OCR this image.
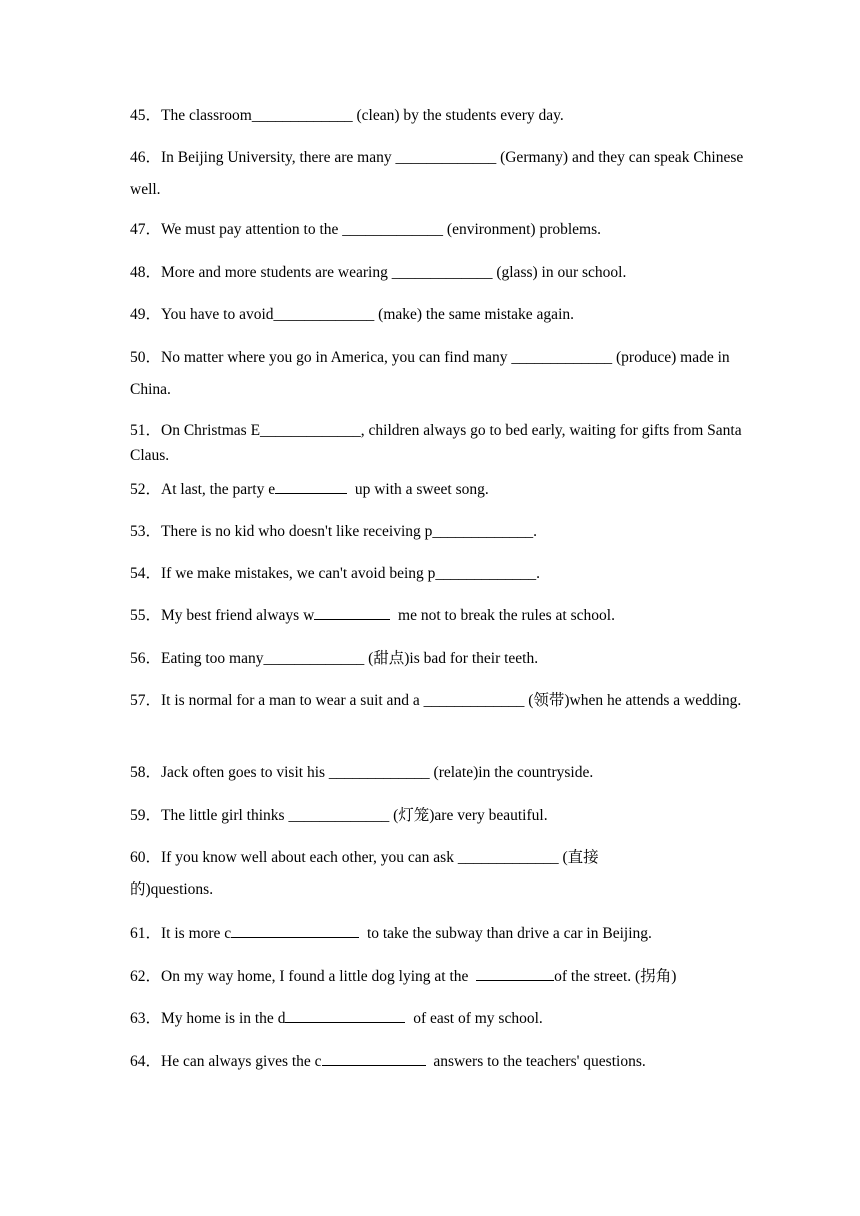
45．The classroom_____________ (clean) by the students every day.
46．In Beijing University, there are many _____________ (Germany) and they can speak Chinese well.
47．We must pay attention to the _____________ (environment) problems.
48．More and more students are wearing _____________ (glass) in our school.
49．You have to avoid_____________ (make) the same mistake again.
50．No matter where you go in America, you can find many _____________ (produce) made in China.
51．On Christmas E_____________, children always go to bed early, waiting for gifts from Santa Claus.
52．At last, the party e	up with a sweet song.
53．There is no kid who doesn't like receiving p_____________.
54．If we make mistakes, we can't avoid being p_____________.
55．My best friend always w	me not to break the rules at school.
56．Eating too many_____________ (甜点)is bad for their teeth.
57．It is normal for a man to wear a suit and a _____________ (领带)when he attends a wedding.
58．Jack often goes to visit his _____________ (relate)in the countryside.
59．The little girl thinks _____________ (灯笼)are very beautiful.
60．If you know well about each other, you can ask _____________ (直接的)questions.
61．It is more c	to take the subway than drive a car in Beijing.
62．On my way home, I found a little dog lying at the	of the street. (拐角)
63．My home is in the d	of east of my school.
64．He can always gives the c	answers to the teachers' questions.
